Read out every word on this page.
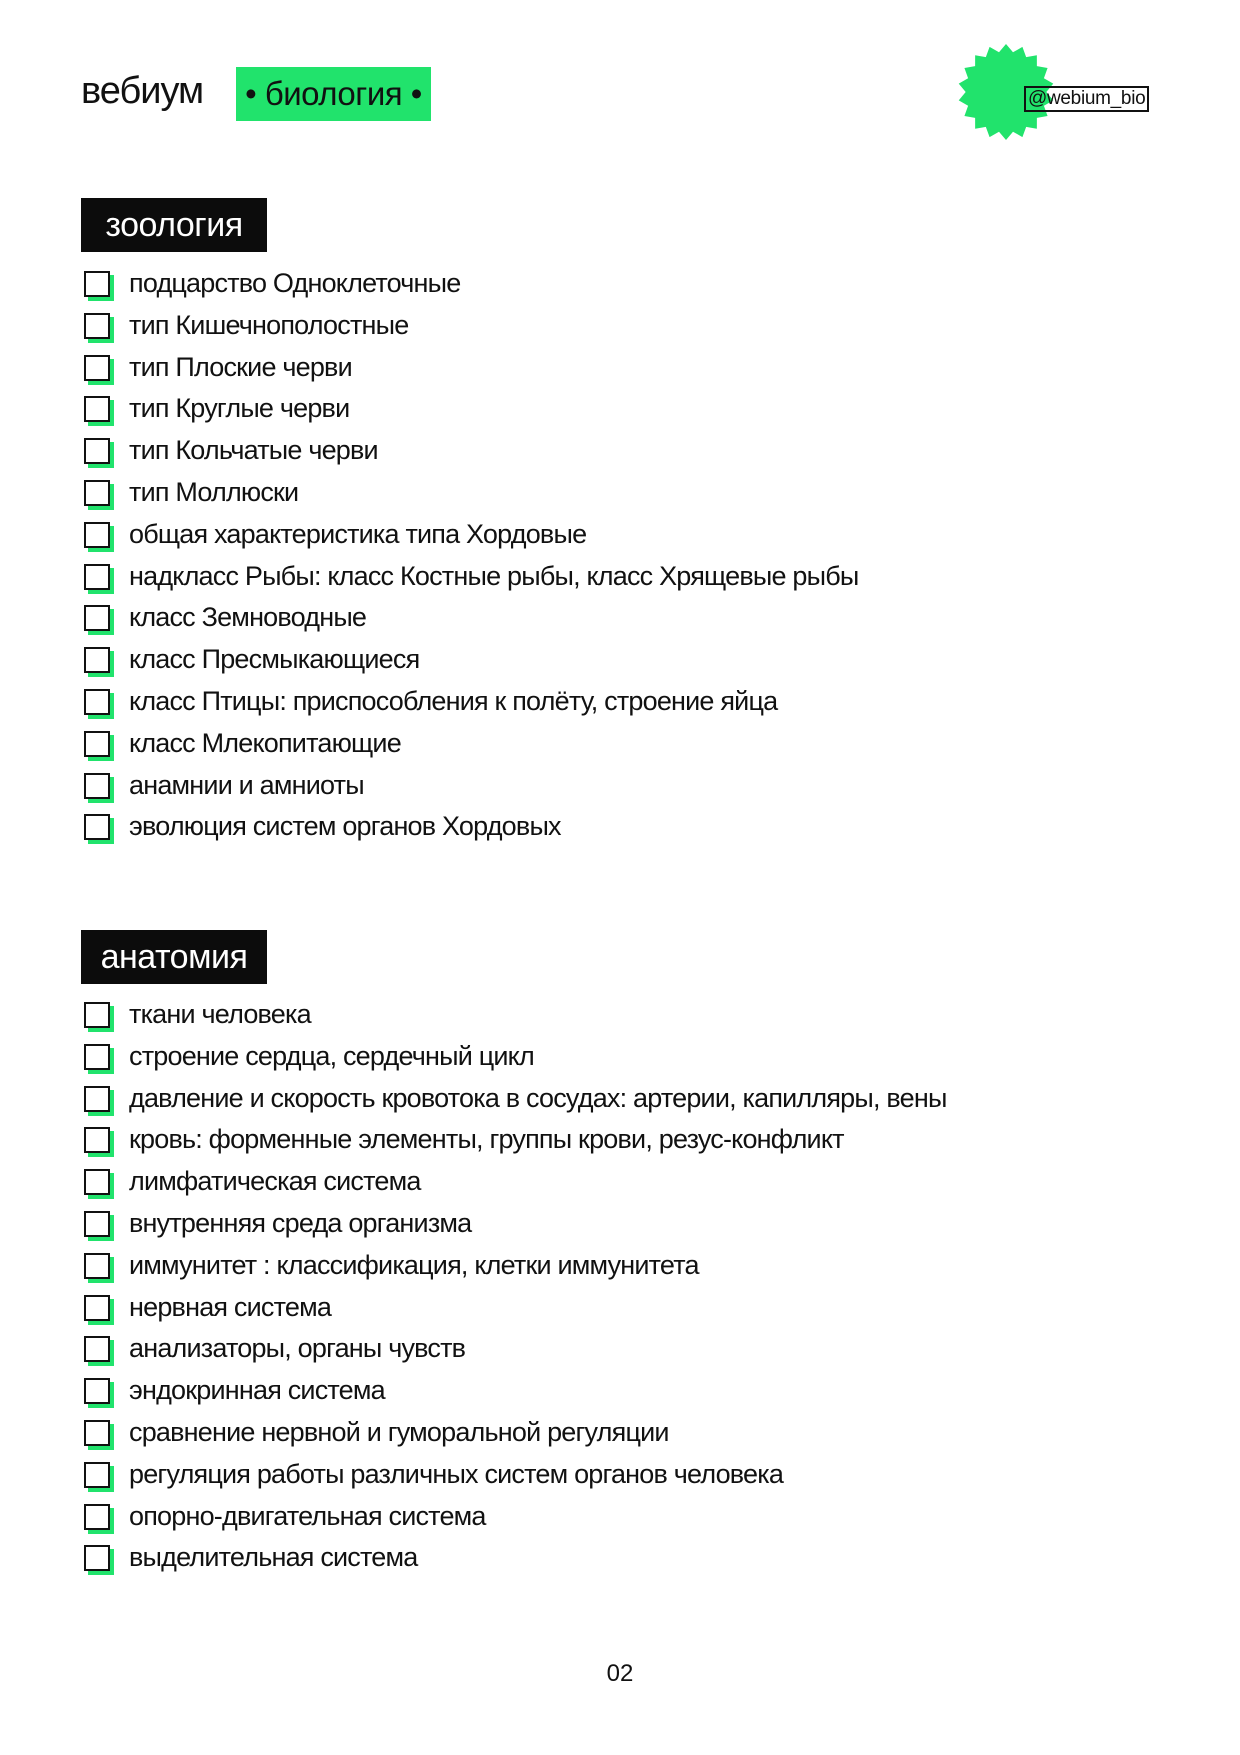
вебиум • биология •	@webium_bio
зоология
подцарство Одноклеточные
тип Кишечнополостные
тип Плоские черви
тип Круглые черви
тип Кольчатые черви
тип Моллюски
общая характеристика типа Хордовые
надкласс Рыбы: класс Костные рыбы, класс Хрящевые рыбы
класс Земноводные
класс Пресмыкающиеся
класс Птицы: приспособления к полёту, строение яйца
класс Млекопитающие
анамнии и амниоты
эволюция систем органов Хордовых
анатомия
ткани человека
строение сердца, сердечный цикл
давление и скорость кровотока в сосудах: артерии, капилляры, вены
кровь: форменные элементы, группы крови, резус-конфликт
лимфатическая система
внутренняя среда организма
иммунитет : классификация, клетки иммунитета
нервная система
анализаторы, органы чувств
эндокринная система
сравнение нервной и гуморальной регуляции
регуляция работы различных систем органов человека
опорно-двигательная система
выделительная система
02
